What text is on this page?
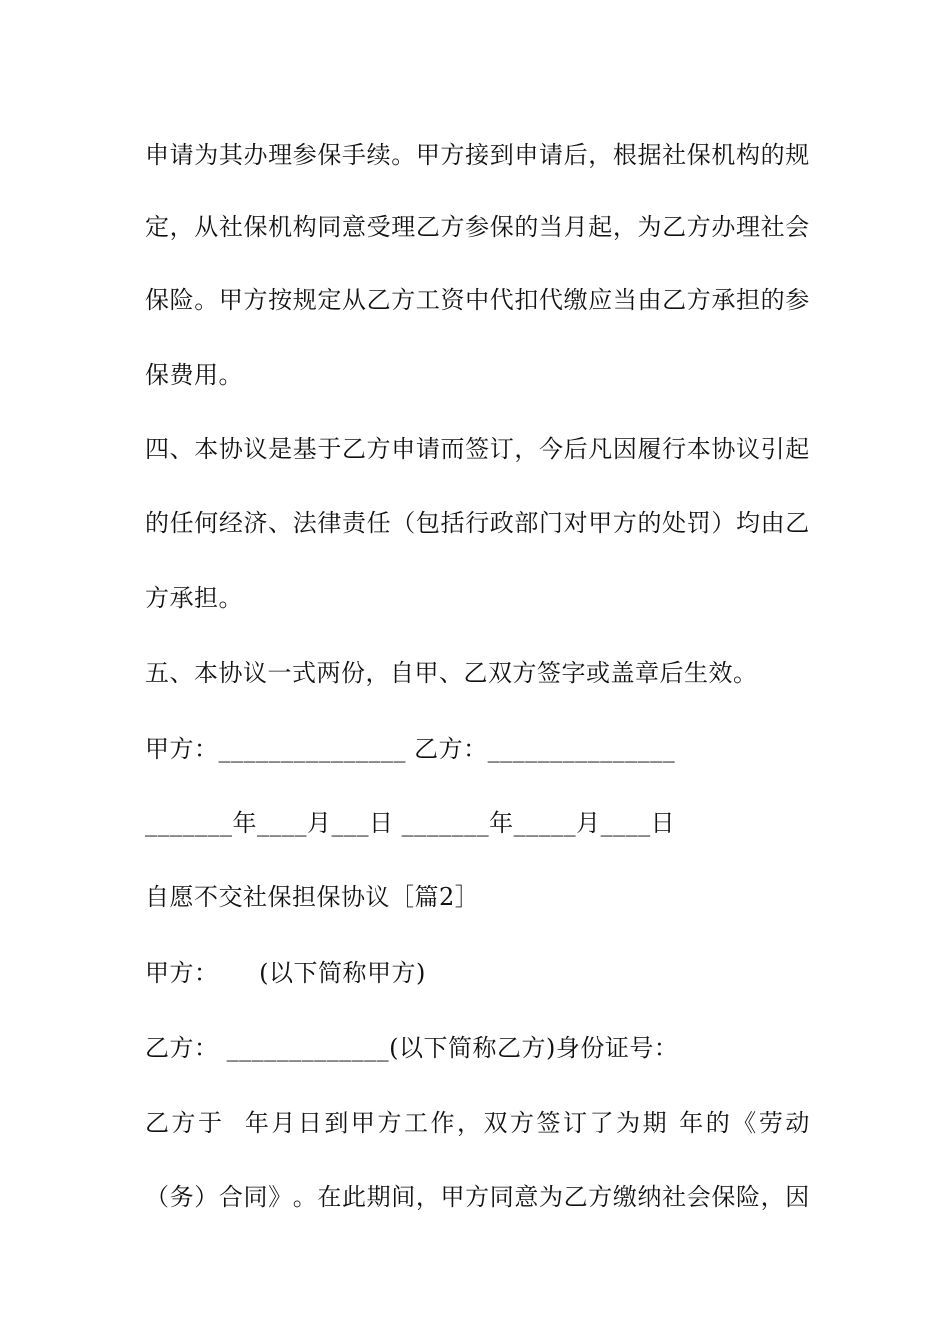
申 请 为 其 办 理 参 保 手 续 。 甲 方 接 到 申 请 后 ， 根 据 社 保 机 构 的 规
定 ， 从 社 保 机 构 同 意 受 理 乙 方 参 保 的 当 月 起 ， 为 乙 方 办 理 社 会
保 险 。 甲 方 按 规 定 从 乙 方 工 资 中 代 扣 代 缴 应 当 由 乙 方 承 担 的 参
保费用。
四 、 本 协 议 是 基 于 乙 方 申 请 而 签 订 ， 今 后 凡 因 履 行 本 协 议 引 起
的 任 何 经 济 、 法 律 责 任 （ 包 括 行 政 部 门 对 甲 方 的 处 罚 ） 均 由 乙
方承担。
五、本协议一式两份，自甲、乙双方签字或盖章后生效。
甲方：_______________ 乙方：_______________
_______年____月___日 _______年_____月____日
自愿不交社保担保协议［篇2］
甲方：     (以下简称甲方)
乙方： _____________(以下简称乙方)身份证号：
乙 方 于

年 月 日 到 甲 方 工 作 ， 双 方 签 订 了 为 期
年 的 《 劳 动
（ 务 ） 合 同 》 。 在 此 期 间 ， 甲 方 同 意 为 乙 方 缴 纳 社 会 保 险 ， 因
